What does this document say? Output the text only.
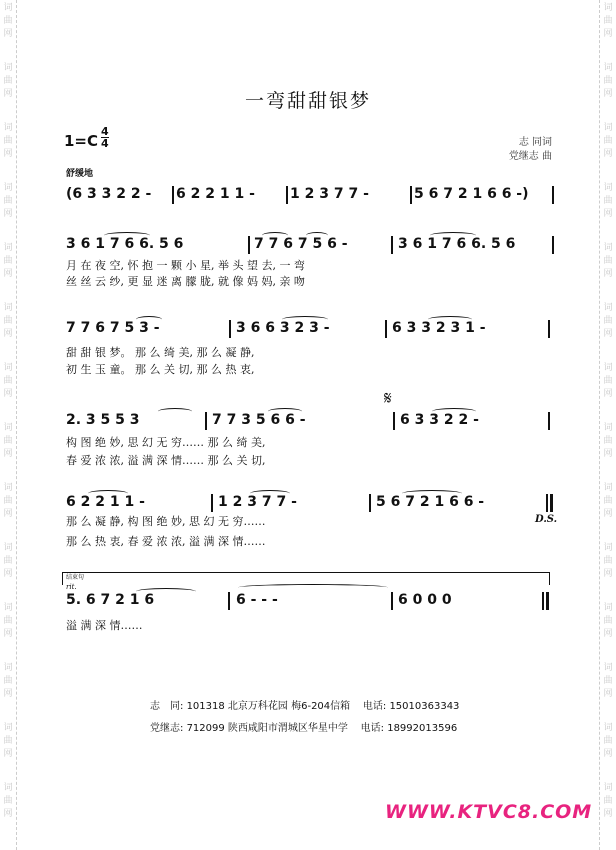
词
曲
网
词
曲
网
词
曲
网
词
曲
网
词
曲
网
词
曲
网
词
曲
网
词
曲
网
词
曲
网
词
曲
网
词
曲
网
词
曲
网
词
曲
网
词
曲
网
词
曲
网
词
曲
网
词
曲
网
词
曲
网
词
曲
网
词
曲
网
词
曲
网
词
曲
网
词
曲
网
词
曲
网
词
曲
网
词
曲
网
词
曲
网
词
曲
网
一弯甜甜银梦
1=C
4
4	志 同词
党继志 曲
舒缓地
(6 3 3 2 2 - 6 2 2 1 1 -	1 2 3 7 7 -	5 6 7 2 1 6 6 -)
3 6 1 7 6 6. 5 6	7 7 6 7 5 6 -	3 6 1 7 6 6. 5 6
月 在 夜 空, 怀 抱 一 颗 小 星, 举 头 望 去, 一 弯
丝 丝 云 纱, 更 显 迷 离 朦 胧, 就 像 妈 妈, 亲 吻
7 7 6 7 5 3 -	3 6 6 3 2 3 -	6 3 3 2 3 1 -
甜 甜 银 梦。 那 么 绮 美, 那 么 凝 静,
初 生 玉 童。 那 么 关 切, 那 么 热 衷,
𝄋
2. 3 5 5 3	7 7 3 5 6 6 -	6 3 3 2 2 -
构 图 绝 妙, 思 幻 无 穷…… 那 么 绮 美,
春 爱 浓 浓, 溢 满 深 情…… 那 么 关 切,
6 2 2 1 1 -	1 2 3 7 7 -	5 6 7 2 1 6 6 -
D.S.
那 么 凝 静, 构 图 绝 妙, 思 幻 无 穷……
那 么 热 衷, 春 爱 浓 浓, 溢 满 深 情……
结束句
rit.
5. 6 7 2 1 6	6 - - -	6 0 0 0
溢 满 深 情……
志　同: 101318 北京万科花园 梅6-204信箱 电话: 15010363343
党继志: 712099 陕西咸阳市渭城区华星中学 电话: 18992013596
WWW.KTVC8.COM
